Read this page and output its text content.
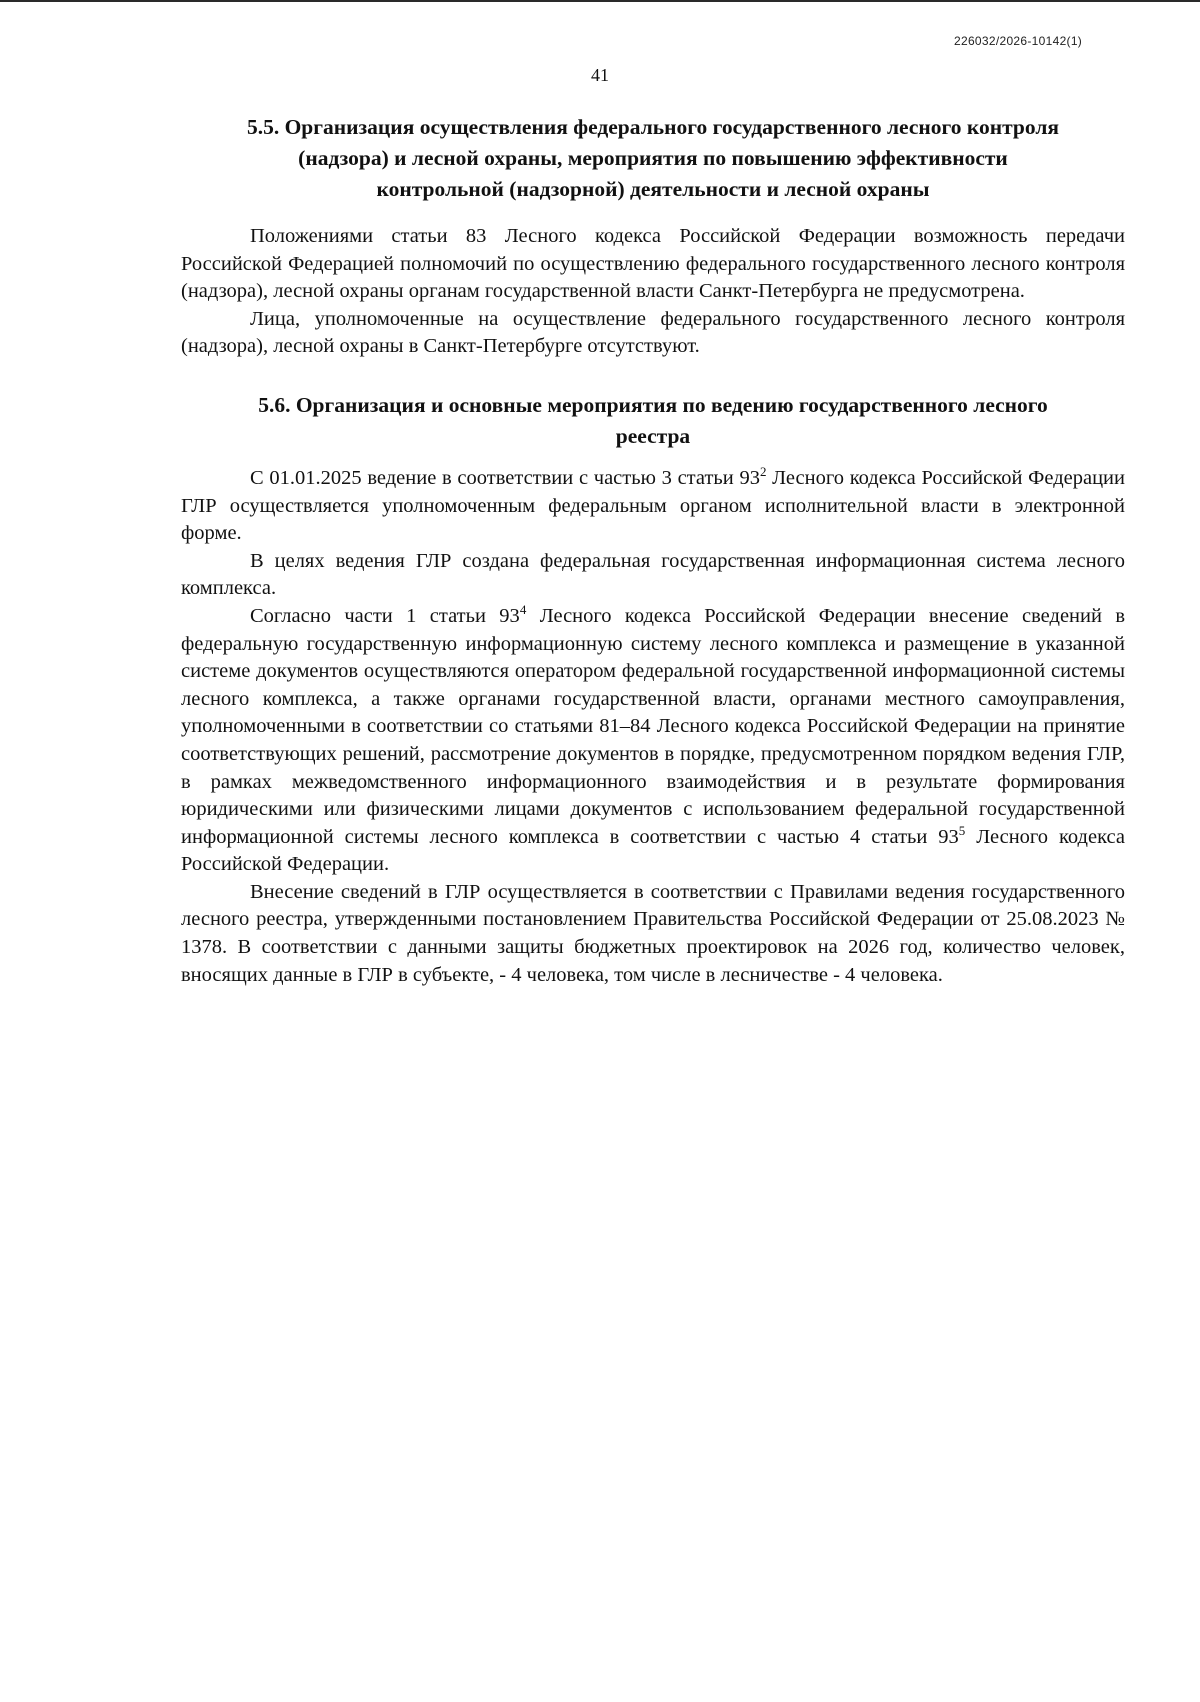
226032/2026-10142(1)
41
5.5. Организация осуществления федерального государственного лесного контроля
(надзора) и лесной охраны, мероприятия по повышению эффективности
контрольной (надзорной) деятельности и лесной охраны

Положениями статьи 83 Лесного кодекса Российской Федерации возможность передачи Российской Федерацией полномочий по осуществлению федерального государственного лесного контроля (надзора), лесной охраны органам государственной власти Санкт-Петербурга не предусмотрена.

Лица, уполномоченные на осуществление федерального государственного лесного контроля (надзора), лесной охраны в Санкт-Петербурге отсутствуют.

5.6. Организация и основные мероприятия по ведению государственного лесного
реестра

С 01.01.2025 ведение в соответствии с частью 3 статьи $93^2$ Лесного кодекса Российской Федерации ГЛР осуществляется уполномоченным федеральным органом исполнительной власти в электронной форме.

В целях ведения ГЛР создана федеральная государственная информационная система лесного комплекса.

Согласно части 1 статьи $93^4$ Лесного кодекса Российской Федерации внесение сведений в федеральную государственную информационную систему лесного комплекса и размещение в указанной системе документов осуществляются оператором федеральной государственной информационной системы лесного комплекса, а также органами государственной власти, органами местного самоуправления, уполномоченными в соответствии со статьями 81–84 Лесного кодекса Российской Федерации на принятие соответствующих решений, рассмотрение документов в порядке, предусмотренном порядком ведения ГЛР, в рамках межведомственного информационного взаимодействия и в результате формирования юридическими или физическими лицами документов с использованием федеральной государственной информационной системы лесного комплекса в соответствии с частью 4 статьи $93^5$ Лесного кодекса Российской Федерации.

Внесение сведений в ГЛР осуществляется в соответствии с Правилами ведения государственного лесного реестра, утвержденными постановлением Правительства Российской Федерации от 25.08.2023 № 1378. В соответствии с данными защиты бюджетных проектировок на 2026 год, количество человек, вносящих данные в ГЛР в субъекте, - 4 человека, том числе в лесничестве - 4 человека.
